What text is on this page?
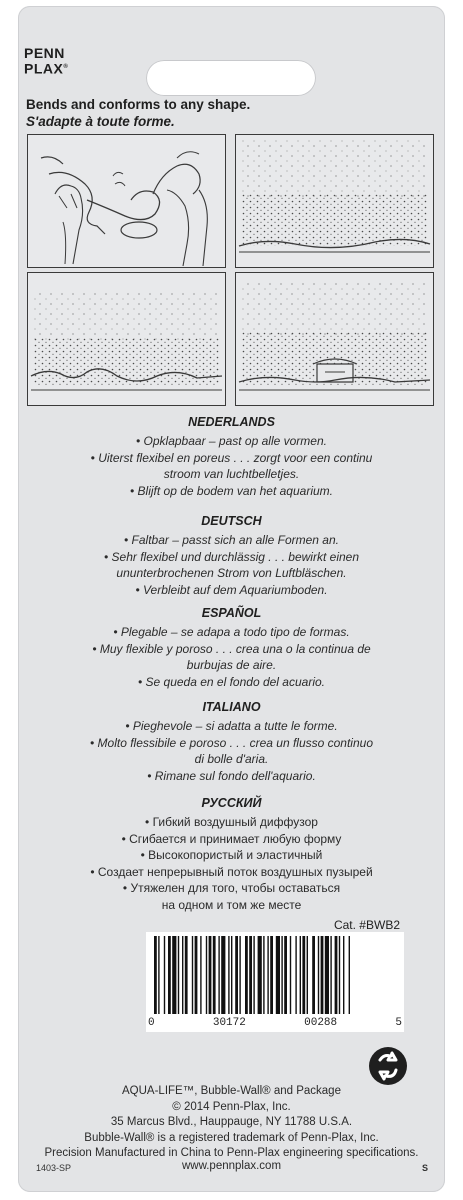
PENN
PLAX®
Bends and conforms to any shape.
S'adapte à toute forme.
NEDERLANDS
• Opklapbaar – past op alle vormen.
• Uiterst flexibel en poreus . . . zorgt voor een continu
stroom van luchtbelletjes.
• Blijft op de bodem van het aquarium.
DEUTSCH
• Faltbar – passt sich an alle Formen an.
• Sehr flexibel und durchlässig . . . bewirkt einen
ununterbrochenen Strom von Luftbläschen.
• Verbleibt auf dem Aquariumboden.
ESPAÑOL
• Plegable – se adapa a todo tipo de formas.
• Muy flexible y poroso . . . crea una o la continua de
burbujas de aire.
• Se queda en el fondo del acuario.
ITALIANO
• Pieghevole – si adatta a tutte le forme.
• Molto flessibile e poroso . . . crea un flusso continuo
di bolle d'aria.
• Rimane sul fondo dell'aquario.
РУССКИЙ
• Гибкий воздушный диффузор
• Сгибается и принимает любую форму
• Высокопористый и эластичный
• Создает непрерывный поток воздушных пузырей
• Утяжелен для того, чтобы оставаться
на одном и том же месте
Cat. #BWB2
0	30172	00288	5
AQUA-LIFE™, Bubble-Wall® and Package
© 2014 Penn-Plax, Inc.
35 Marcus Blvd., Hauppauge, NY 11788 U.S.A.
Bubble-Wall® is a registered trademark of Penn-Plax, Inc.
Precision Manufactured in China to Penn-Plax engineering specifications.
1403-SP	www.pennplax.com	S
